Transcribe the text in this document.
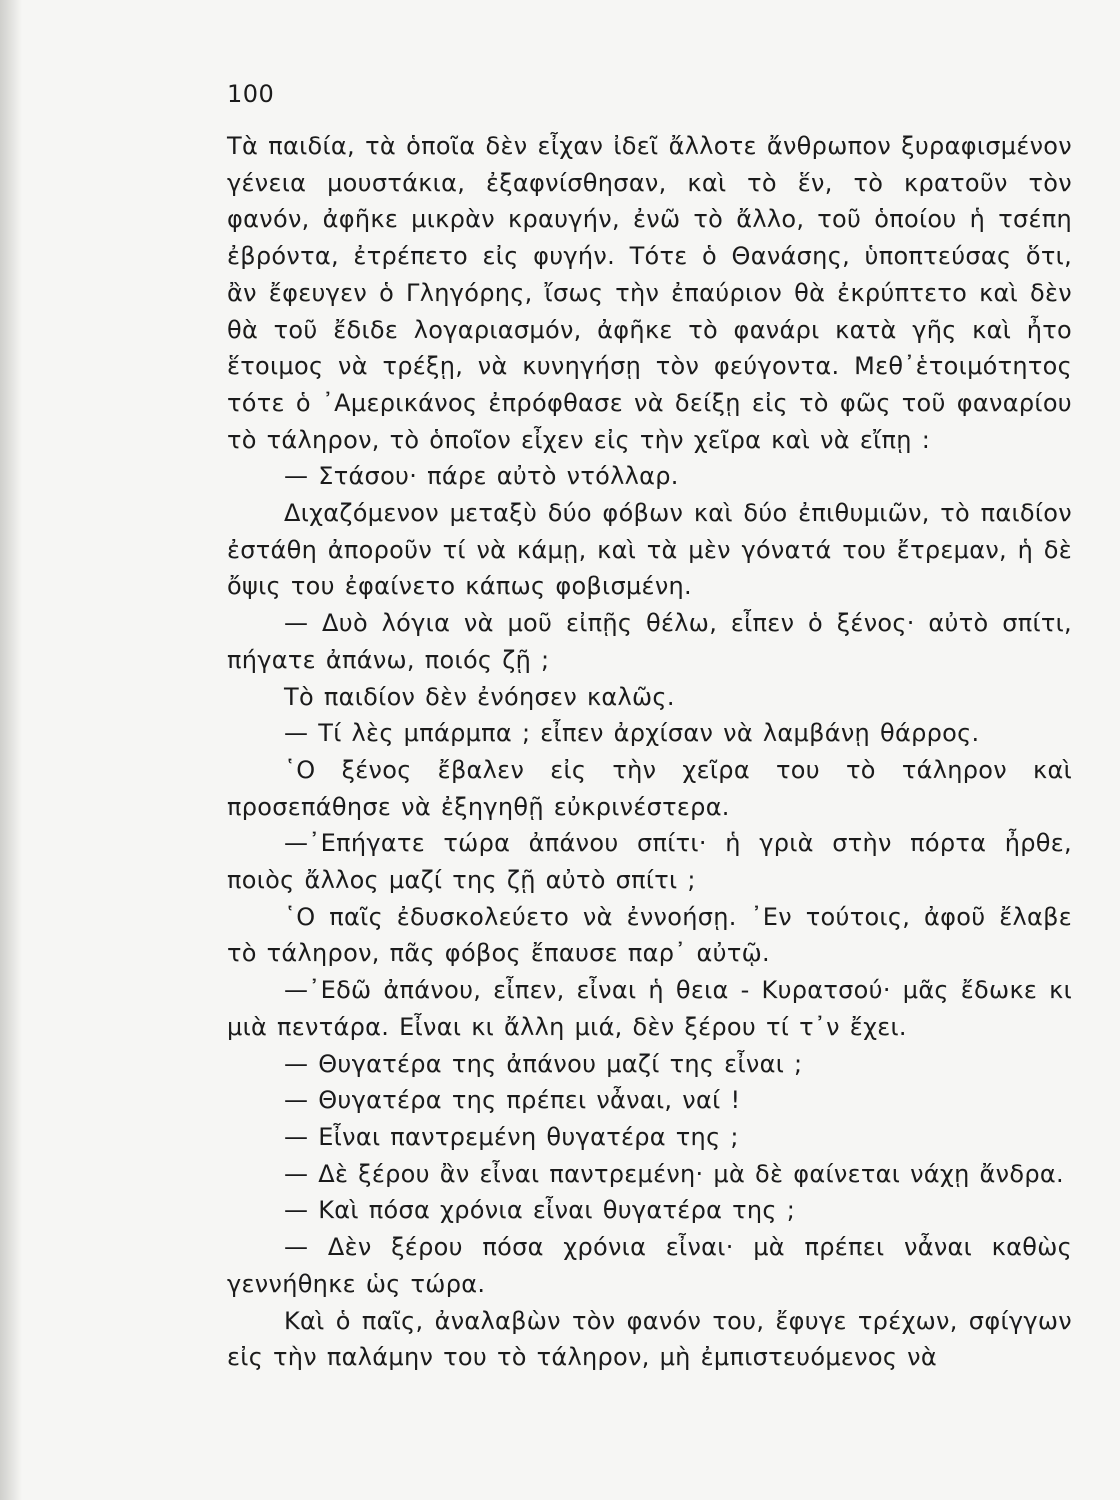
100

Τὰ παιδία, τὰ ὁποῖα δὲν εἶχαν ἰδεῖ ἄλλοτε ἄνθρωπον ξυραφισμένον γένεια μουστάκια, ἐξαφνίσθησαν, καὶ τὸ ἕν, τὸ κρατοῦν τὸν φανόν, ἀφῆκε μικρὰν κραυγήν, ἐνῶ τὸ ἄλλο, τοῦ ὁποίου ἡ τσέπη ἐβρόντα, ἐτρέπετο εἰς φυγήν. Τότε ὁ Θανάσης, ὑποπτεύσας ὅτι, ἂν ἔφευγεν ὁ Γληγόρης, ἴσως τὴν ἐπαύριον θὰ ἐκρύπτετο καὶ δὲν θὰ τοῦ ἔδιδε λογαριασμόν, ἀφῆκε τὸ φανάρι κατὰ γῆς καὶ ἦτο ἕτοιμος νὰ τρέξῃ, νὰ κυνηγήσῃ τὸν φεύγοντα. Μεθ᾽ἑτοιμότητος τότε ὁ ᾽Αμερικάνος ἐπρόφθασε νὰ δείξῃ εἰς τὸ φῶς τοῦ φαναρίου τὸ τάληρον, τὸ ὁποῖον εἶχεν εἰς τὴν χεῖρα καὶ νὰ εἴπῃ :

— Στάσου· πάρε αὐτὸ ντόλλαρ.

Διχαζόμενον μεταξὺ δύο φόβων καὶ δύο ἐπιθυμιῶν, τὸ παιδίον ἐστάθη ἀποροῦν τί νὰ κάμῃ, καὶ τὰ μὲν γόνατά του ἔτρεμαν, ἡ δὲ ὄψις του ἐφαίνετο κάπως φοβισμένη.

— Δυὸ λόγια νὰ μοῦ εἰπῇς θέλω, εἶπεν ὁ ξένος· αὐτὸ σπίτι, πήγατε ἀπάνω, ποιός ζῇ ;

Τὸ παιδίον δὲν ἐνόησεν καλῶς.

— Τί λὲς μπάρμπα ; εἶπεν ἀρχίσαν νὰ λαμβάνῃ θάρρος.

῾Ο ξένος ἔβαλεν εἰς τὴν χεῖρα του τὸ τάληρον καὶ προσεπάθησε νὰ ἐξηγηθῇ εὐκρινέστερα.

—᾽Επήγατε τώρα ἀπάνου σπίτι· ἡ γριὰ στὴν πόρτα ἦρθε, ποιὸς ἄλλος μαζί της ζῇ αὐτὸ σπίτι ;

῾Ο παῖς ἐδυσκολεύετο νὰ ἐννοήσῃ. ᾽Εν τούτοις, ἀφοῦ ἔλαβε τὸ τάληρον, πᾶς φόβος ἔπαυσε παρ᾽ αὐτῷ.

—᾽Εδῶ ἀπάνου, εἶπεν, εἶναι ἡ θεια - Κυρατσού· μᾶς ἔδωκε κι μιὰ πεντάρα. Εἶναι κι ἄλλη μιά, δὲν ξέρου τί τ᾽ν ἔχει.

— Θυγατέρα της ἀπάνου μαζί της εἶναι ;

— Θυγατέρα της πρέπει νἆναι, ναί !

— Εἶναι παντρεμένη θυγατέρα της ;

— Δὲ ξέρου ἂν εἶναι παντρεμένη· μὰ δὲ φαίνεται νάχῃ ἄνδρα.

— Καὶ πόσα χρόνια εἶναι θυγατέρα της ;

— Δὲν ξέρου πόσα χρόνια εἶναι· μὰ πρέπει νἆναι καθὼς γεννήθηκε ὡς τώρα.

Καὶ ὁ παῖς, ἀναλαβὼν τὸν φανόν του, ἔφυγε τρέχων, σφίγγων εἰς τὴν παλάμην του τὸ τάληρον, μὴ ἐμπιστευόμενος νὰ
